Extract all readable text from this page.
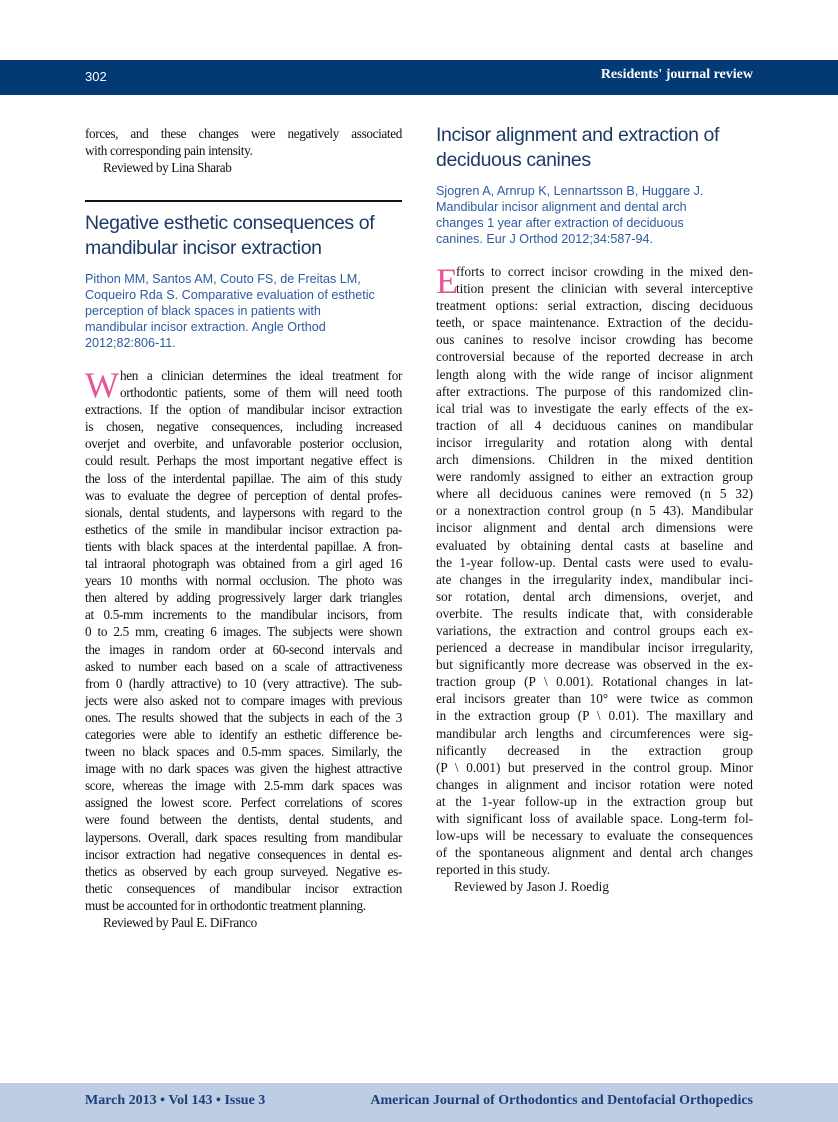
302	Residents' journal review
forces, and these changes were negatively associated
with corresponding pain intensity.
Reviewed by Lina Sharab
Negative esthetic consequences of
mandibular incisor extraction
Pithon MM, Santos AM, Couto FS, de Freitas LM,
Coqueiro Rda S. Comparative evaluation of esthetic
perception of black spaces in patients with
mandibular incisor extraction. Angle Orthod
2012;82:806-11.
W hen a clinician determines the ideal treatment for
orthodontic patients, some of them will need tooth
extractions. If the option of mandibular incisor extraction
is chosen, negative consequences, including increased
overjet and overbite, and unfavorable posterior occlusion,
could result. Perhaps the most important negative effect is
the loss of the interdental papillae. The aim of this study
was to evaluate the degree of perception of dental profes-
sionals, dental students, and laypersons with regard to the
esthetics of the smile in mandibular incisor extraction pa-
tients with black spaces at the interdental papillae. A fron-
tal intraoral photograph was obtained from a girl aged 16
years 10 months with normal occlusion. The photo was
then altered by adding progressively larger dark triangles
at 0.5-mm increments to the mandibular incisors, from
0 to 2.5 mm, creating 6 images. The subjects were shown
the images in random order at 60-second intervals and
asked to number each based on a scale of attractiveness
from 0 (hardly attractive) to 10 (very attractive). The sub-
jects were also asked not to compare images with previous
ones. The results showed that the subjects in each of the 3
categories were able to identify an esthetic difference be-
tween no black spaces and 0.5-mm spaces. Similarly, the
image with no dark spaces was given the highest attractive
score, whereas the image with 2.5-mm dark spaces was
assigned the lowest score. Perfect correlations of scores
were found between the dentists, dental students, and
laypersons. Overall, dark spaces resulting from mandibular
incisor extraction had negative consequences in dental es-
thetics as observed by each group surveyed. Negative es-
thetic consequences of mandibular incisor extraction
must be accounted for in orthodontic treatment planning.
Reviewed by Paul E. DiFranco
Incisor alignment and extraction of
deciduous canines
Sjogren A, Arnrup K, Lennartsson B, Huggare J.
Mandibular incisor alignment and dental arch
changes 1 year after extraction of deciduous
canines. Eur J Orthod 2012;34:587-94.
E
fforts to correct incisor crowding in the mixed den-
tition present the clinician with several interceptive
treatment options: serial extraction, discing deciduous
teeth, or space maintenance. Extraction of the decidu-
ous canines to resolve incisor crowding has become
controversial because of the reported decrease in arch
length along with the wide range of incisor alignment
after extractions. The purpose of this randomized clin-
ical trial was to investigate the early effects of the ex-
traction of all 4 deciduous canines on mandibular
incisor irregularity and rotation along with dental
arch dimensions. Children in the mixed dentition
were randomly assigned to either an extraction group
where all deciduous canines were removed (n 5 32)
or a nonextraction control group (n 5 43). Mandibular
incisor alignment and dental arch dimensions were
evaluated by obtaining dental casts at baseline and
the 1-year follow-up. Dental casts were used to evalu-
ate changes in the irregularity index, mandibular inci-
sor rotation, dental arch dimensions, overjet, and
overbite. The results indicate that, with considerable
variations, the extraction and control groups each ex-
perienced a decrease in mandibular incisor irregularity,
but significantly more decrease was observed in the ex-
traction group (P \ 0.001). Rotational changes in lat-
eral incisors greater than 10° were twice as common
in the extraction group (P \ 0.01). The maxillary and
mandibular arch lengths and circumferences were sig-
nificantly decreased in the extraction group
(P \ 0.001) but preserved in the control group. Minor
changes in alignment and incisor rotation were noted
at the 1-year follow-up in the extraction group but
with significant loss of available space. Long-term fol-
low-ups will be necessary to evaluate the consequences
of the spontaneous alignment and dental arch changes
reported in this study.
Reviewed by Jason J. Roedig
March 2013 • Vol 143 • Issue 3	American Journal of Orthodontics and Dentofacial Orthopedics
